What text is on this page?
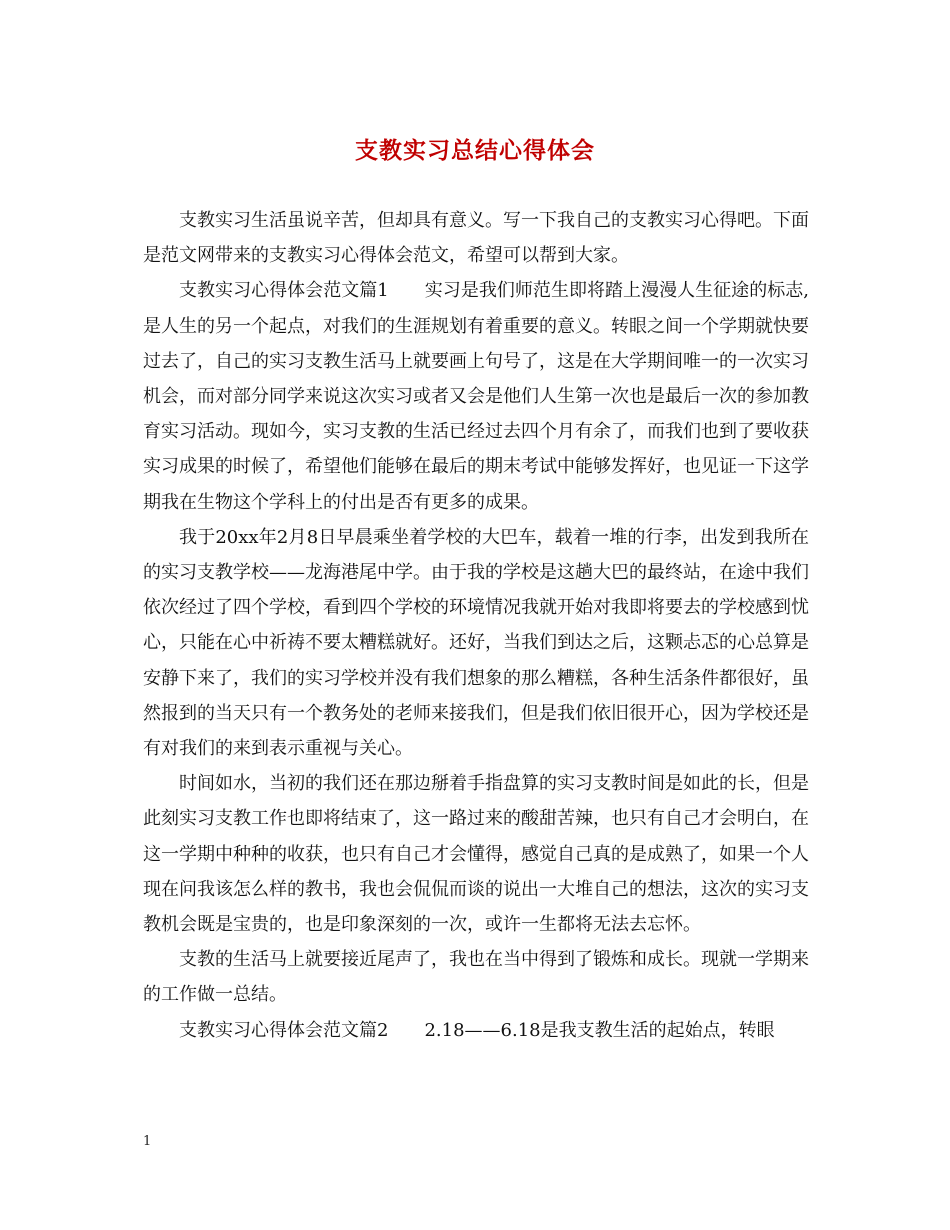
支教实习总结心得体会

支教实习生活虽说辛苦，但却具有意义。写一下我自己的支教实习心得吧。下面是范文网带来的支教实习心得体会范文，希望可以帮到大家。

支教实习心得体会范文篇1　　实习是我们师范生即将踏上漫漫人生征途的标志,是人生的另一个起点，对我们的生涯规划有着重要的意义。转眼之间一个学期就快要过去了，自己的实习支教生活马上就要画上句号了，这是在大学期间唯一的一次实习机会，而对部分同学来说这次实习或者又会是他们人生第一次也是最后一次的参加教育实习活动。现如今，实习支教的生活已经过去四个月有余了，而我们也到了要收获实习成果的时候了，希望他们能够在最后的期末考试中能够发挥好，也见证一下这学期我在生物这个学科上的付出是否有更多的成果。

我于20xx年2月8日早晨乘坐着学校的大巴车，载着一堆的行李，出发到我所在的实习支教学校——龙海港尾中学。由于我的学校是这趟大巴的最终站，在途中我们依次经过了四个学校，看到四个学校的环境情况我就开始对我即将要去的学校感到忧心，只能在心中祈祷不要太糟糕就好。还好，当我们到达之后，这颗忐忑的心总算是安静下来了，我们的实习学校并没有我们想象的那么糟糕，各种生活条件都很好，虽然报到的当天只有一个教务处的老师来接我们，但是我们依旧很开心，因为学校还是有对我们的来到表示重视与关心。

时间如水，当初的我们还在那边掰着手指盘算的实习支教时间是如此的长，但是此刻实习支教工作也即将结束了，这一路过来的酸甜苦辣，也只有自己才会明白，在这一学期中种种的收获，也只有自己才会懂得，感觉自己真的是成熟了，如果一个人现在问我该怎么样的教书，我也会侃侃而谈的说出一大堆自己的想法，这次的实习支教机会既是宝贵的，也是印象深刻的一次，或许一生都将无法去忘怀。

支教的生活马上就要接近尾声了，我也在当中得到了锻炼和成长。现就一学期来的工作做一总结。

支教实习心得体会范文篇2　　2.18——6.18是我支教生活的起始点，转眼

1
